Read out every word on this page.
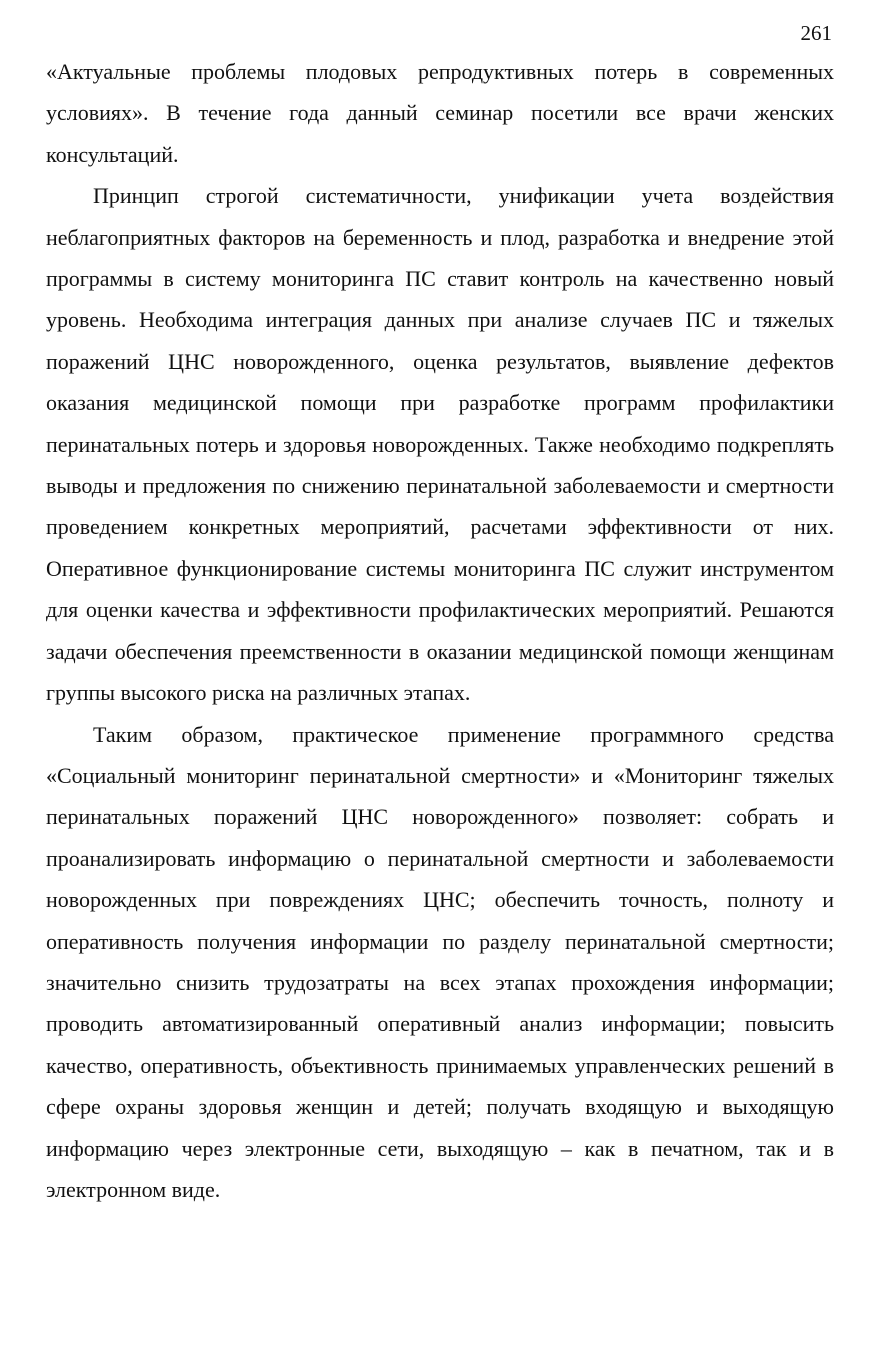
261

«Актуальные проблемы плодовых репродуктивных потерь в современных условиях». В течение года данный семинар посетили все врачи женских консультаций.

Принцип строгой систематичности, унификации учета воздействия неблагоприятных факторов на беременность и плод, разработка и внедрение этой программы в систему мониторинга ПС ставит контроль на качественно новый уровень. Необходима интеграция данных при анализе случаев ПС и тяжелых поражений ЦНС новорожденного, оценка результатов, выявление дефектов оказания медицинской помощи при разработке программ профилактики перинатальных потерь и здоровья новорожденных. Также необходимо подкреплять выводы и предложения по снижению перинатальной заболеваемости и смертности проведением конкретных мероприятий, расчетами эффективности от них. Оперативное функционирование системы мониторинга ПС служит инструментом для оценки качества и эффективности профилактических мероприятий. Решаются задачи обеспечения преемственности в оказании медицинской помощи женщинам группы высокого риска на различных этапах.

Таким образом, практическое применение программного средства «Социальный мониторинг перинатальной смертности» и «Мониторинг тяжелых перинатальных поражений ЦНС новорожденного» позволяет: собрать и проанализировать информацию о перинатальной смертности и заболеваемости новорожденных при повреждениях ЦНС; обеспечить точность, полноту и оперативность получения информации по разделу перинатальной смертности; значительно снизить трудозатраты на всех этапах прохождения информации; проводить автоматизированный оперативный анализ информации; повысить качество, оперативность, объективность принимаемых управленческих решений в сфере охраны здоровья женщин и детей; получать входящую и выходящую информацию через электронные сети, выходящую – как в печатном, так и в электронном виде.
